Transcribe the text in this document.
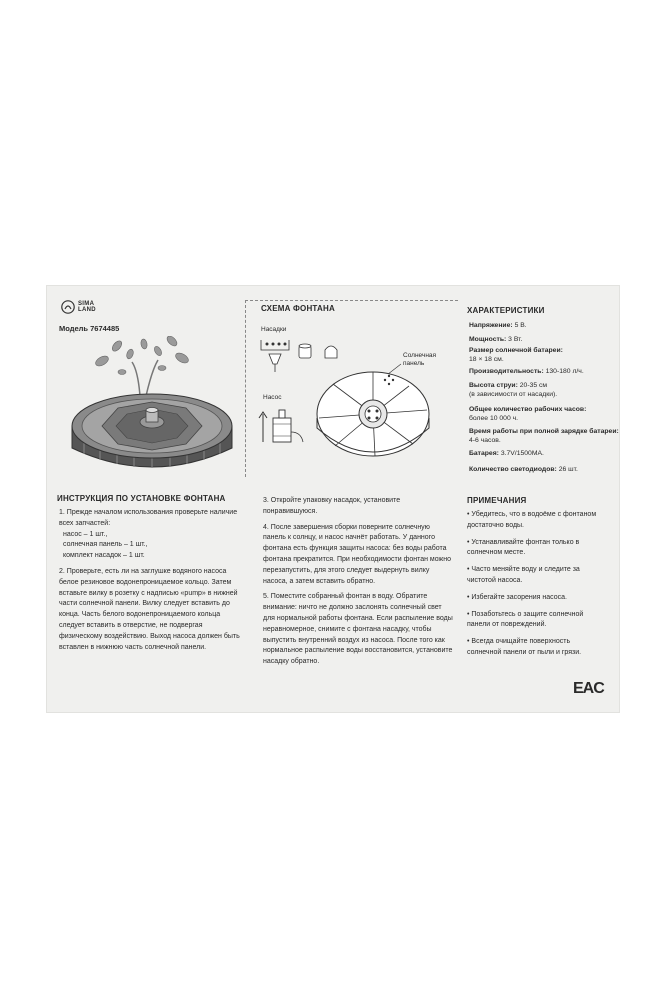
SIMA
LAND
Модель 7674485
СХЕМА ФОНТАНА
Насадки
Насос
Солнечная
панель
ХАРАКТЕРИСТИКИ
Напряжение: 5 В.
Мощность: 3 Вт.
Размер солнечной батареи:
18 × 18 см.
Производительность: 130-180 л/ч.
Высота струи: 20-35 см
(в зависимости от насадки).
Общее количество рабочих часов:
более 10 000 ч.
Время работы при полной зарядке батареи: 4-6 часов.
Батарея: 3.7V/1500MA.
Количество светодиодов: 26 шт.
ИНСТРУКЦИЯ ПО УСТАНОВКЕ ФОНТАНА
1. Прежде началом использования проверьте наличие всех запчастей:
насос – 1 шт.,
солнечная панель – 1 шт.,
комплект насадок – 1 шт.
2. Проверьте, есть ли на заглушке водяного насоса белое резиновое водонепроницаемое кольцо. Затем вставьте вилку в розетку с надписью «pump» в нижней части солнечной панели. Вилку следует вставить до конца. Часть белого водонепроницаемого кольца следует вставить в отверстие, не подвергая физическому воздействию. Выход насоса должен быть вставлен в нижнюю часть солнечной панели.
3. Откройте упаковку насадок, установите понравившуюся.
4. После завершения сборки поверните солнечную панель к солнцу, и насос начнёт работать. У данного фонтана есть функция защиты насоса: без воды работа фонтана прекратится. При необходимости фонтан можно перезапустить, для этого следует выдернуть вилку насоса, а затем вставить обратно.
5. Поместите собранный фонтан в воду. Обратите внимание: ничто не должно заслонять солнечный свет для нормальной работы фонтана. Если распыление воды неравномерное, снимите с фонтана насадку, чтобы выпустить внутренний воздух из насоса. После того как нормальное распыление воды восстановится, установите насадку обратно.
ПРИМЕЧАНИЯ
• Убедитесь, что в водоёме с фонтаном достаточно воды.
• Устанавливайте фонтан только в солнечном месте.
• Часто меняйте воду и следите за чистотой насоса.
• Избегайте засорения насоса.
• Позаботьтесь о защите солнечной панели от повреждений.
• Всегда очищайте поверхность солнечной панели от пыли и грязи.
EAC
